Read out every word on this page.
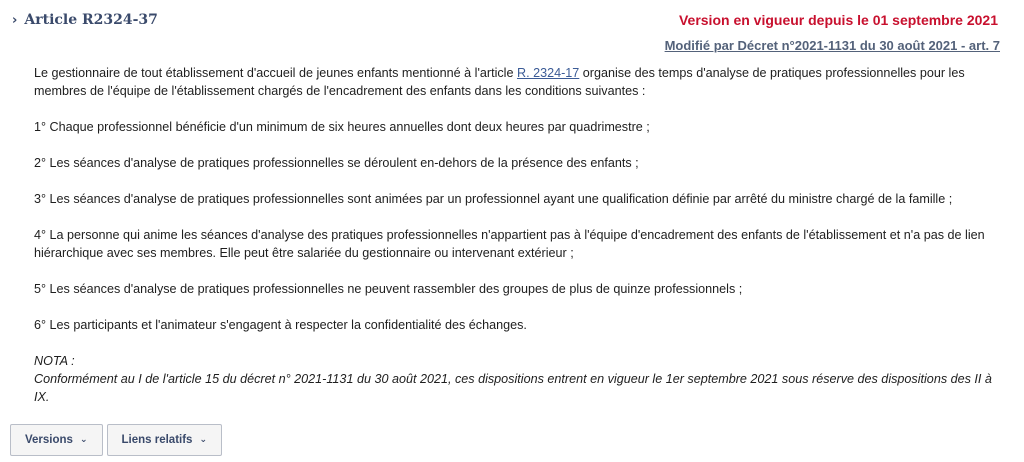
› Article R2324-37	Version en vigueur depuis le 01 septembre 2021
Modifié par Décret n°2021-1131 du 30 août 2021 - art. 7

Le gestionnaire de tout établissement d'accueil de jeunes enfants mentionné à l'article R. 2324-17 organise des temps d'analyse de pratiques professionnelles pour les membres de l'équipe de l'établissement chargés de l'encadrement des enfants dans les conditions suivantes :

1° Chaque professionnel bénéficie d'un minimum de six heures annuelles dont deux heures par quadrimestre ;

2° Les séances d'analyse de pratiques professionnelles se déroulent en-dehors de la présence des enfants ;

3° Les séances d'analyse de pratiques professionnelles sont animées par un professionnel ayant une qualification définie par arrêté du ministre chargé de la famille ;

4° La personne qui anime les séances d'analyse des pratiques professionnelles n'appartient pas à l'équipe d'encadrement des enfants de l'établissement et n'a pas de lien hiérarchique avec ses membres. Elle peut être salariée du gestionnaire ou intervenant extérieur ;

5° Les séances d'analyse de pratiques professionnelles ne peuvent rassembler des groupes de plus de quinze professionnels ;

6° Les participants et l'animateur s'engagent à respecter la confidentialité des échanges.

NOTA :
Conformément au I de l'article 15 du décret n° 2021-1131 du 30 août 2021, ces dispositions entrent en vigueur le 1er septembre 2021 sous réserve des dispositions des II à IX.
Versions ⌄	Liens relatifs ⌄
